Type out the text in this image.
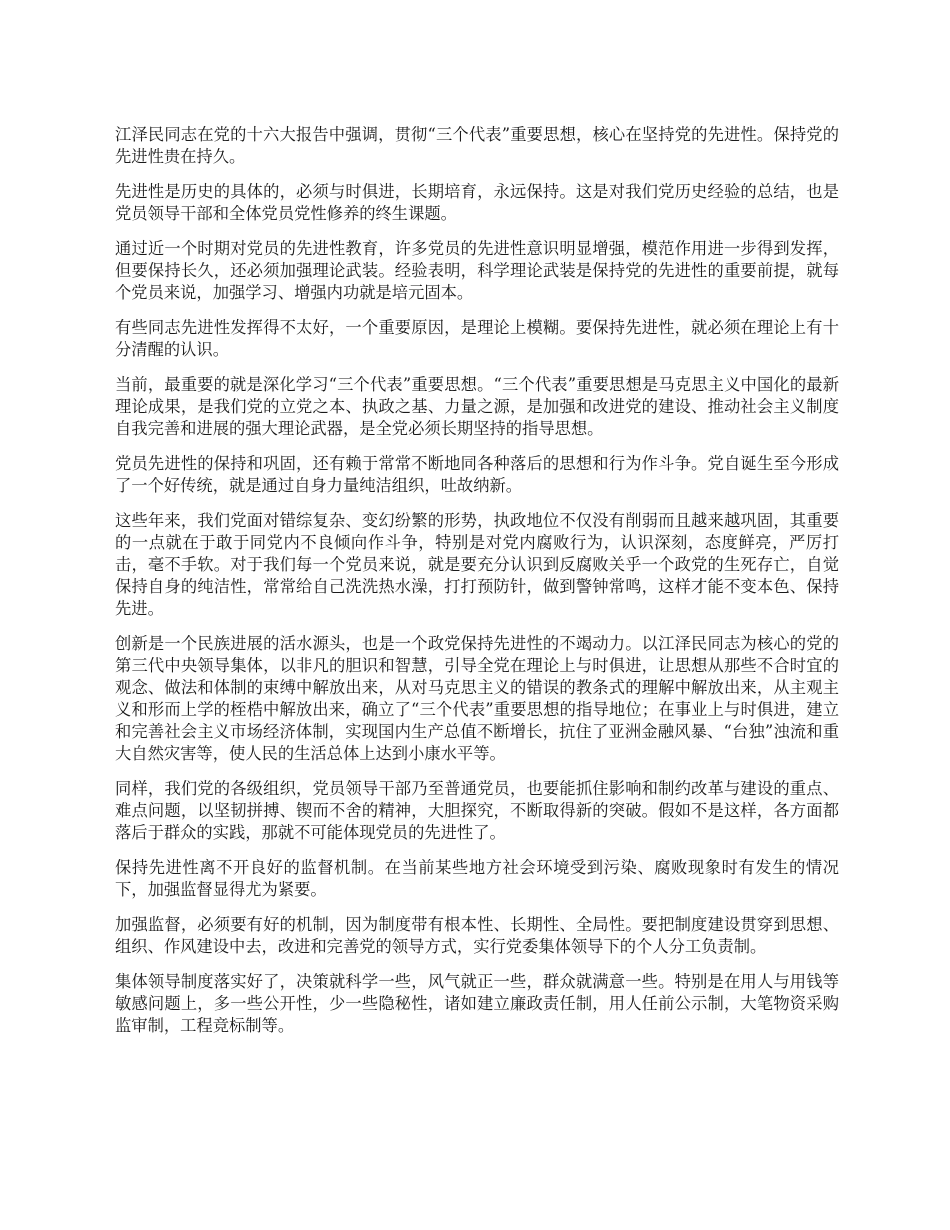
江泽民同志在党的十六大报告中强调，贯彻“三个代表”重要思想，核心在坚持党的先进性。保持党的先进性贵在持久。

先进性是历史的具体的，必须与时俱进，长期培育，永远保持。这是对我们党历史经验的总结，也是党员领导干部和全体党员党性修养的终生课题。

通过近一个时期对党员的先进性教育，许多党员的先进性意识明显增强，模范作用进一步得到发挥，但要保持长久，还必须加强理论武装。经验表明，科学理论武装是保持党的先进性的重要前提，就每个党员来说，加强学习、增强内功就是培元固本。

有些同志先进性发挥得不太好，一个重要原因，是理论上模糊。要保持先进性，就必须在理论上有十分清醒的认识。

当前，最重要的就是深化学习“三个代表”重要思想。“三个代表”重要思想是马克思主义中国化的最新理论成果，是我们党的立党之本、执政之基、力量之源，是加强和改进党的建设、推动社会主义制度自我完善和进展的强大理论武器，是全党必须长期坚持的指导思想。

党员先进性的保持和巩固，还有赖于常常不断地同各种落后的思想和行为作斗争。党自诞生至今形成了一个好传统，就是通过自身力量纯洁组织，吐故纳新。

这些年来，我们党面对错综复杂、变幻纷繁的形势，执政地位不仅没有削弱而且越来越巩固，其重要的一点就在于敢于同党内不良倾向作斗争，特别是对党内腐败行为，认识深刻，态度鲜亮，严厉打击，毫不手软。对于我们每一个党员来说，就是要充分认识到反腐败关乎一个政党的生死存亡，自觉保持自身的纯洁性，常常给自己洗洗热水澡，打打预防针，做到警钟常鸣，这样才能不变本色、保持先进。

创新是一个民族进展的活水源头，也是一个政党保持先进性的不竭动力。以江泽民同志为核心的党的第三代中央领导集体，以非凡的胆识和智慧，引导全党在理论上与时俱进，让思想从那些不合时宜的观念、做法和体制的束缚中解放出来，从对马克思主义的错误的教条式的理解中解放出来，从主观主义和形而上学的桎梏中解放出来，确立了“三个代表”重要思想的指导地位；在事业上与时俱进，建立和完善社会主义市场经济体制，实现国内生产总值不断增长，抗住了亚洲金融风暴、“台独”浊流和重大自然灾害等，使人民的生活总体上达到小康水平等。

同样，我们党的各级组织，党员领导干部乃至普通党员，也要能抓住影响和制约改革与建设的重点、难点问题，以坚韧拼搏、锲而不舍的精神，大胆探究，不断取得新的突破。假如不是这样，各方面都落后于群众的实践，那就不可能体现党员的先进性了。

保持先进性离不开良好的监督机制。在当前某些地方社会环境受到污染、腐败现象时有发生的情况下，加强监督显得尤为紧要。

加强监督，必须要有好的机制，因为制度带有根本性、长期性、全局性。要把制度建设贯穿到思想、组织、作风建设中去，改进和完善党的领导方式，实行党委集体领导下的个人分工负责制。

集体领导制度落实好了，决策就科学一些，风气就正一些，群众就满意一些。特别是在用人与用钱等敏感问题上，多一些公开性，少一些隐秘性，诸如建立廉政责任制，用人任前公示制，大笔物资采购监审制，工程竞标制等。
